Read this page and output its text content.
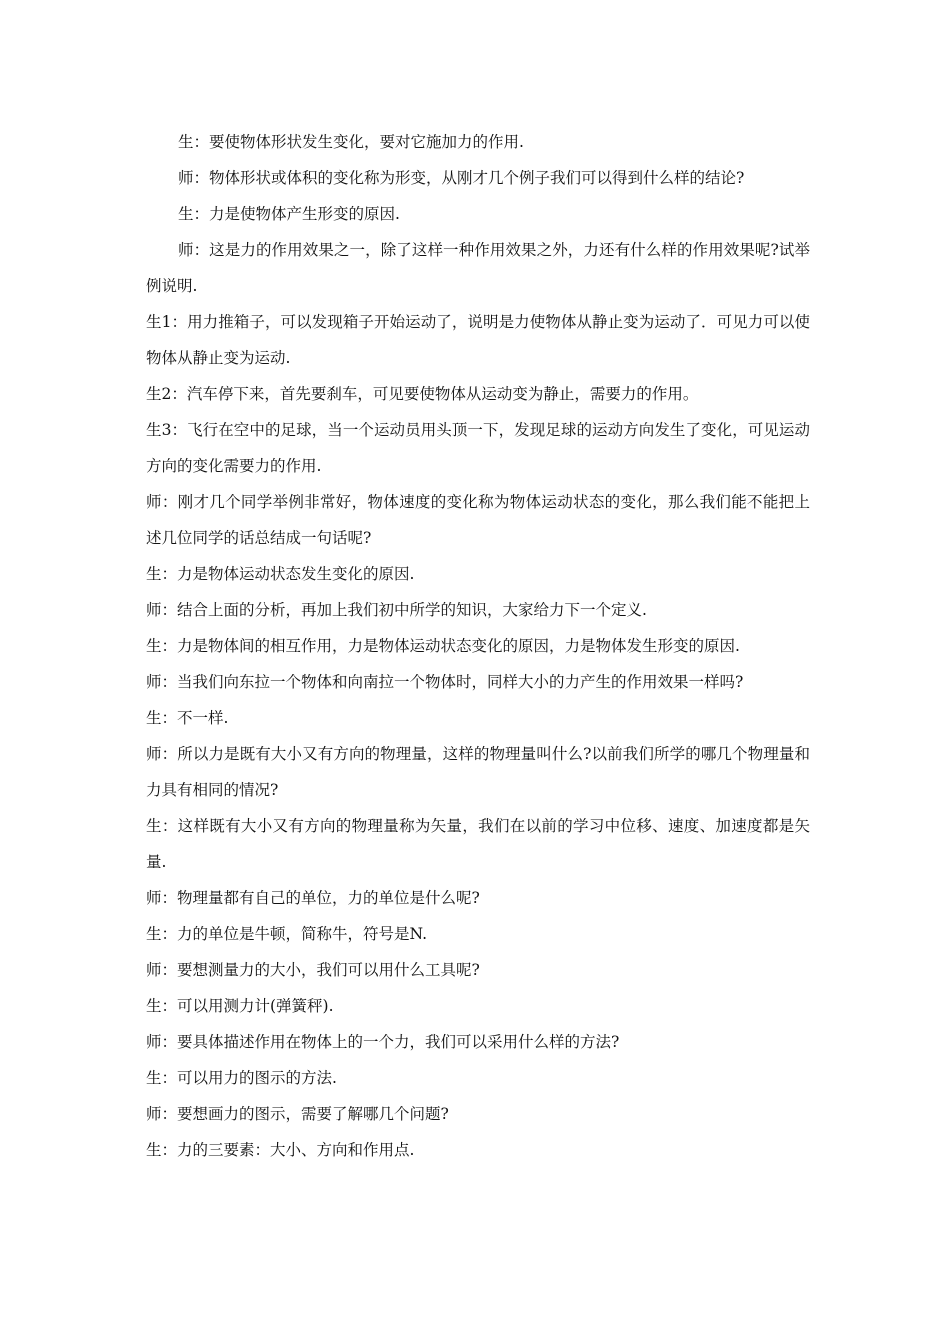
生：要使物体形状发生变化，要对它施加力的作用.

师：物体形状或体积的变化称为形变，从刚才几个例子我们可以得到什么样的结论?

生：力是使物体产生形变的原因.

师：这是力的作用效果之一，除了这样一种作用效果之外，力还有什么样的作用效果呢?试举例说明.

生1：用力推箱子，可以发现箱子开始运动了，说明是力使物体从静止变为运动了．可见力可以使物体从静止变为运动.

生2：汽车停下来，首先要刹车，可见要使物体从运动变为静止，需要力的作用。

生3：飞行在空中的足球，当一个运动员用头顶一下，发现足球的运动方向发生了变化，可见运动方向的变化需要力的作用.

师：刚才几个同学举例非常好，物体速度的变化称为物体运动状态的变化，那么我们能不能把上述几位同学的话总结成一句话呢?

生：力是物体运动状态发生变化的原因.

师：结合上面的分析，再加上我们初中所学的知识，大家给力下一个定义.

生：力是物体间的相互作用，力是物体运动状态变化的原因，力是物体发生形变的原因.

师：当我们向东拉一个物体和向南拉一个物体时，同样大小的力产生的作用效果一样吗?

生：不一样.

师：所以力是既有大小又有方向的物理量，这样的物理量叫什么?以前我们所学的哪几个物理量和力具有相同的情况?

生：这样既有大小又有方向的物理量称为矢量，我们在以前的学习中位移、速度、加速度都是矢量.

师：物理量都有自己的单位，力的单位是什么呢?

生：力的单位是牛顿，简称牛，符号是N.

师：要想测量力的大小，我们可以用什么工具呢?

生：可以用测力计(弹簧秤).

师：要具体描述作用在物体上的一个力，我们可以采用什么样的方法?

生：可以用力的图示的方法.

师：要想画力的图示，需要了解哪几个问题?

生：力的三要素：大小、方向和作用点.
